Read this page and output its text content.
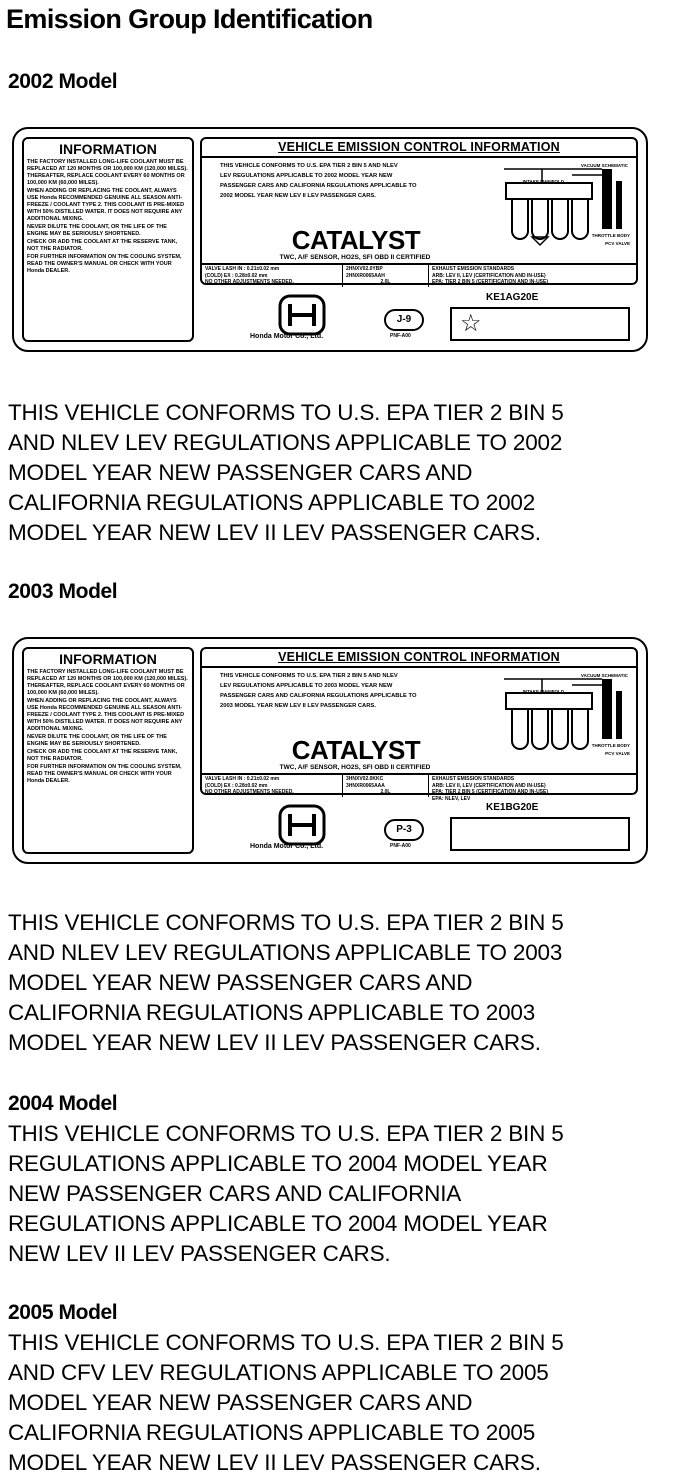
Emission Group Identification
2002 Model
INFORMATION

THE FACTORY INSTALLED LONG-LIFE COOLANT MUST BE REPLACED AT 120 MONTHS OR 100,000 KM (120,000 MILES). THEREAFTER, REPLACE COOLANT EVERY 60 MONTHS OR 100,000 KM (60,000 MILES).

WHEN ADDING OR REPLACING THE COOLANT, ALWAYS USE Honda RECOMMENDED GENUINE ALL SEASON ANTI-FREEZE / COOLANT TYPE 2. THIS COOLANT IS PRE-MIXED WITH 50% DISTILLED WATER. IT DOES NOT REQUIRE ANY ADDITIONAL MIXING.

NEVER DILUTE THE COOLANT, OR THE LIFE OF THE ENGINE MAY BE SERIOUSLY SHORTENED.

CHECK OR ADD THE COOLANT AT THE RESERVE TANK, NOT THE RADIATOR.

FOR FURTHER INFORMATION ON THE COOLING SYSTEM, READ THE OWNER'S MANUAL OR CHECK WITH YOUR Honda DEALER.

VEHICLE EMISSION CONTROL INFORMATION
THIS VEHICLE CONFORMS TO U.S. EPA TIER 2 BIN 5 AND NLEV
LEV REGULATIONS APPLICABLE TO 2002 MODEL YEAR NEW
PASSENGER CARS AND CALIFORNIA REGULATIONS APPLICABLE TO
2002 MODEL YEAR NEW LEV II LEV PASSENGER CARS.
CATALYST
TWC, A/F SENSOR, HO2S, SFI OBD II CERTIFIED
VACUUM SCHEMATIC
INTAKE MANIFOLD
THROTTLE BODY
PCV VALVE
VALVE LASH IN : 0.21±0.02 mm
(COLD) EX : 0.28±0.02 mm
NO OTHER ADJUSTMENTS NEEDED.
2HNXV02.0YBP
2HNXR0065AAH
2.0L
EXHAUST EMISSION STANDARDS
ARB: LEV II, LEV (CERTIFICATION AND IN-USE)
EPA: TIER 2 BIN 5 (CERTIFICATION AND IN-USE)
Honda Motor Co., Ltd.
J-9
PNF-A00
KE1AG20E
☆
THIS VEHICLE CONFORMS TO U.S. EPA TIER 2 BIN 5
AND NLEV LEV REGULATIONS APPLICABLE TO 2002
MODEL YEAR NEW PASSENGER CARS AND
CALIFORNIA REGULATIONS APPLICABLE TO 2002
MODEL YEAR NEW LEV II LEV PASSENGER CARS.
2003 Model
INFORMATION

THE FACTORY INSTALLED LONG-LIFE COOLANT MUST BE REPLACED AT 120 MONTHS OR 100,000 KM (120,000 MILES). THEREAFTER, REPLACE COOLANT EVERY 60 MONTHS OR 100,000 KM (60,000 MILES).

WHEN ADDING OR REPLACING THE COOLANT, ALWAYS USE Honda RECOMMENDED GENUINE ALL SEASON ANTI-FREEZE / COOLANT TYPE 2. THIS COOLANT IS PRE-MIXED WITH 50% DISTILLED WATER. IT DOES NOT REQUIRE ANY ADDITIONAL MIXING.

NEVER DILUTE THE COOLANT, OR THE LIFE OF THE ENGINE MAY BE SERIOUSLY SHORTENED.

CHECK OR ADD THE COOLANT AT THE RESERVE TANK, NOT THE RADIATOR.

FOR FURTHER INFORMATION ON THE COOLING SYSTEM, READ THE OWNER'S MANUAL OR CHECK WITH YOUR Honda DEALER.

VEHICLE EMISSION CONTROL INFORMATION
THIS VEHICLE CONFORMS TO U.S. EPA TIER 2 BIN 5 AND NLEV
LEV REGULATIONS APPLICABLE TO 2003 MODEL YEAR NEW
PASSENGER CARS AND CALIFORNIA REGULATIONS APPLICABLE TO
2003 MODEL YEAR NEW LEV II LEV PASSENGER CARS.
CATALYST
TWC, A/F SENSOR, HO2S, SFI OBD II CERTIFIED
VACUUM SCHEMATIC
INTAKE MANIFOLD
THROTTLE BODY
PCV VALVE
VALVE LASH IN : 0.21±0.02 mm
(COLD) EX : 0.28±0.02 mm
NO OTHER ADJUSTMENTS NEEDED.
3HNXV02.0KKC
3HNXR0065AAA
2.0L
EXHAUST EMISSION STANDARDS
ARB: LEV II, LEV (CERTIFICATION AND IN-USE)
EPA: TIER 2 BIN 5 (CERTIFICATION AND IN-USE)
EPA: NLEV, LEV
Honda Motor Co., Ltd.
P-3
PNF-A00
KE1BG20E
THIS VEHICLE CONFORMS TO U.S. EPA TIER 2 BIN 5
AND NLEV LEV REGULATIONS APPLICABLE TO 2003
MODEL YEAR NEW PASSENGER CARS AND
CALIFORNIA REGULATIONS APPLICABLE TO 2003
MODEL YEAR NEW LEV II LEV PASSENGER CARS.
2004 Model
THIS VEHICLE CONFORMS TO U.S. EPA TIER 2 BIN 5
REGULATIONS APPLICABLE TO 2004 MODEL YEAR
NEW PASSENGER CARS AND CALIFORNIA
REGULATIONS APPLICABLE TO 2004 MODEL YEAR
NEW LEV II LEV PASSENGER CARS.
2005 Model
THIS VEHICLE CONFORMS TO U.S. EPA TIER 2 BIN 5
AND CFV LEV REGULATIONS APPLICABLE TO 2005
MODEL YEAR NEW PASSENGER CARS AND
CALIFORNIA REGULATIONS APPLICABLE TO 2005
MODEL YEAR NEW LEV II LEV PASSENGER CARS.
